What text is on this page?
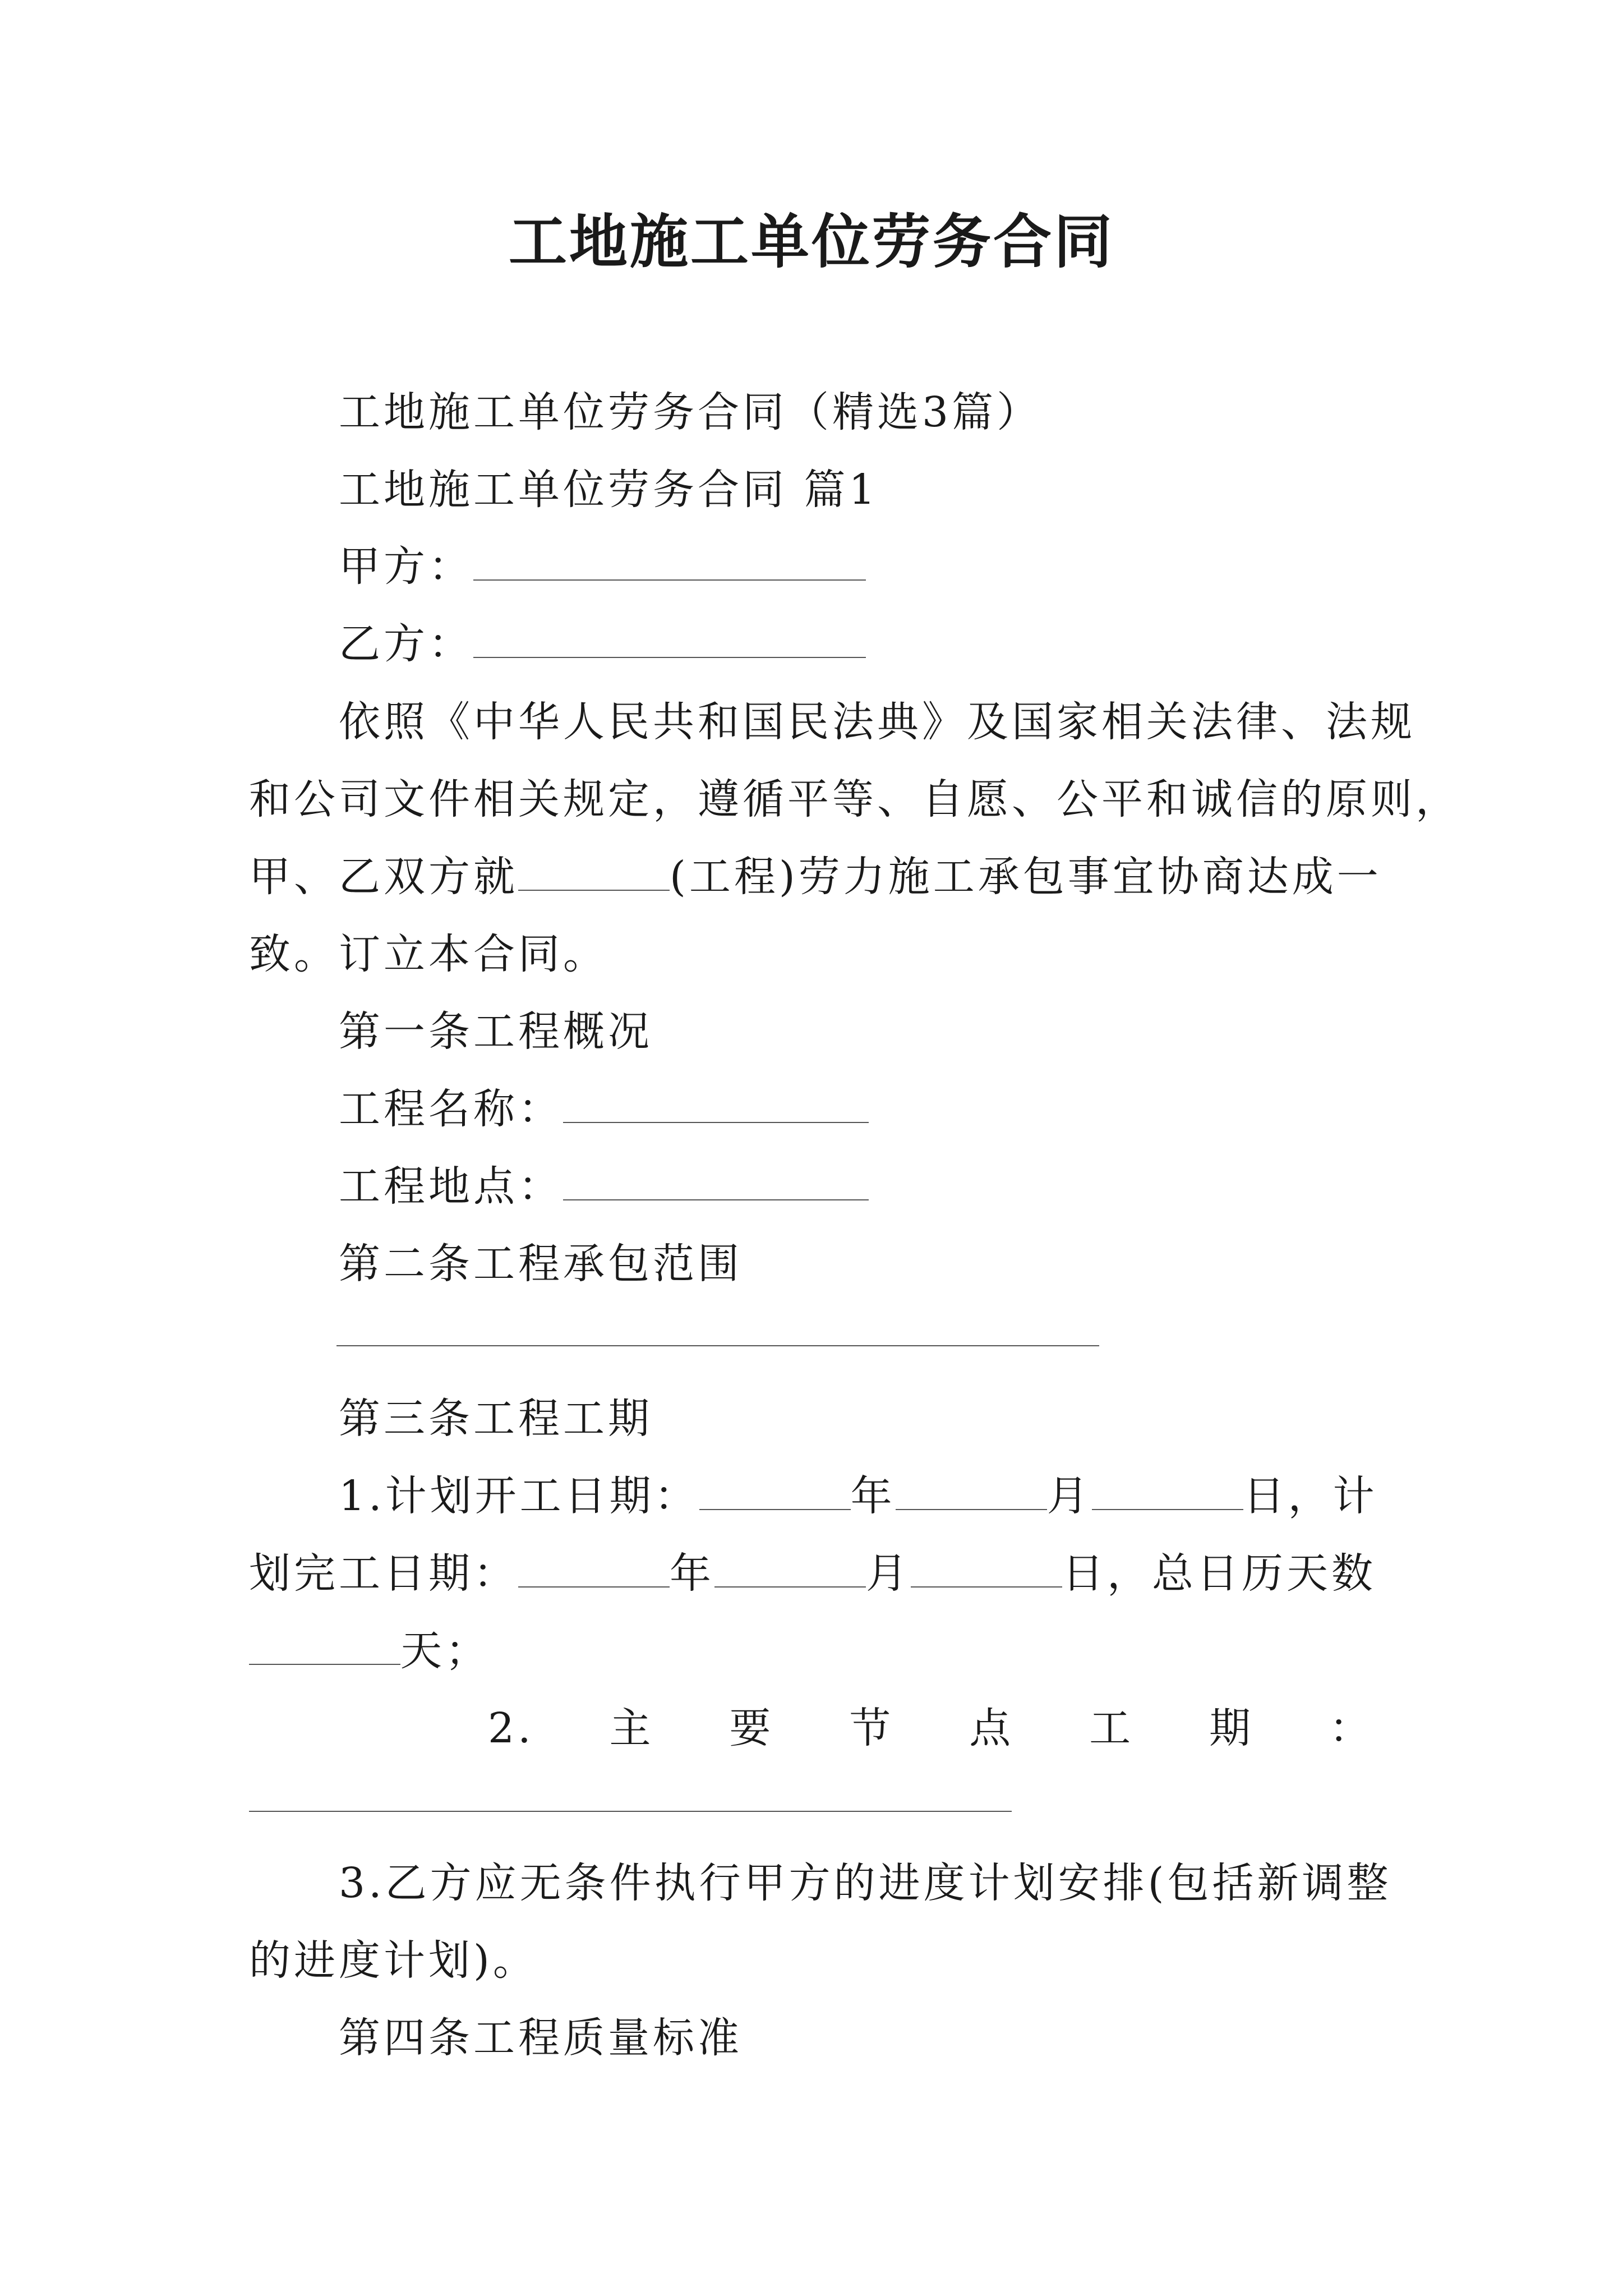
工地施工单位劳务合同
工地施工单位劳务合同（精选3篇）
工地施工单位劳务合同 篇1
甲方：
乙方：
依照《中华人民共和国民法典》及国家相关法律、法规
和公司文件相关规定，遵循平等、自愿、公平和诚信的原则，
甲、乙双方就	(工程)劳力施工承包事宜协商达成一
致。订立本合同。
第一条工程概况
工程名称：
工程地点：
第二条工程承包范围
第三条工程工期
1.计划开工日期：	年	月	日，计
划完工日期：	年	月	日，总日历天数
天；
2. 主 要 节 点 工 期 ：
3.乙方应无条件执行甲方的进度计划安排(包括新调整
的进度计划)。
第四条工程质量标准
